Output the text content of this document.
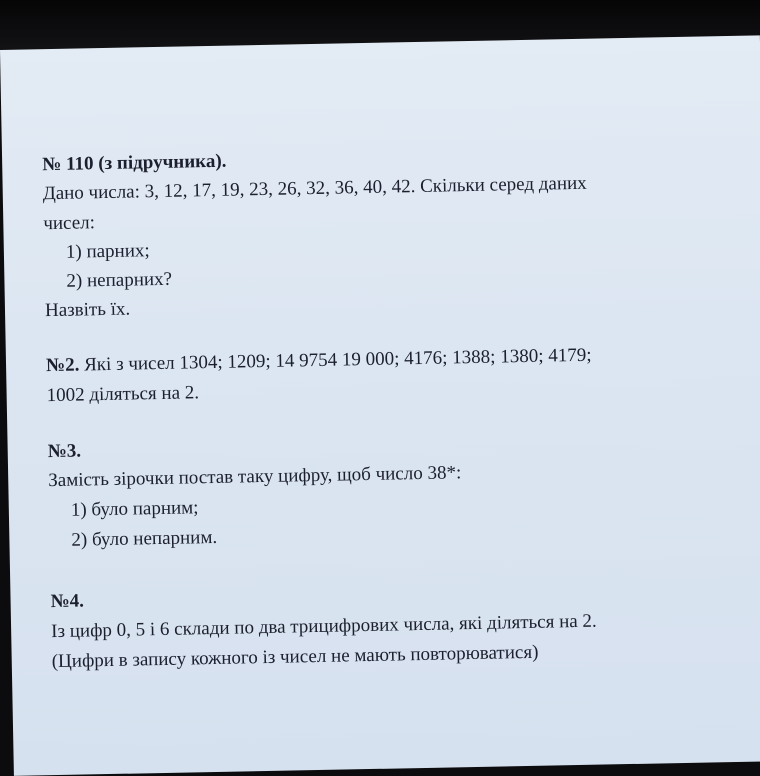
№ 110 (з підручника).
Дано числа: 3, 12, 17, 19, 23, 26, 32, 36, 40, 42. Скільки серед даних
чисел:
1) парних;
2) непарних?
Назвіть їх.
№2. Які з чисел 1304; 1209; 14 9754 19 000; 4176; 1388; 1380; 4179;
1002 діляться на 2.
№3.
Замість зірочки постав таку цифру, щоб число 38*:
1) було парним;
2) було непарним.
№4.
Із цифр 0, 5 і 6 склади по два трицифрових числа, які діляться на 2.
(Цифри в запису кожного із чисел не мають повторюватися)
